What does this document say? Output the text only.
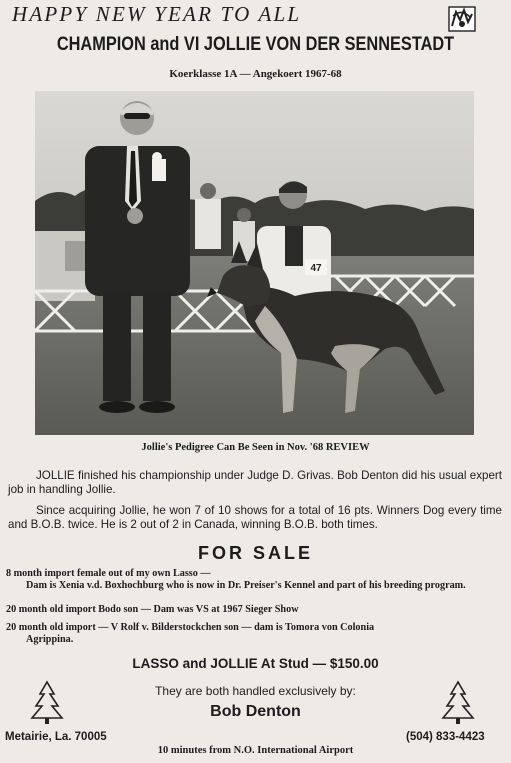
HAPPY NEW YEAR TO ALL
CHAMPION and VI JOLLIE VON DER SENNESTADT
Koerklasse 1A — Angekoert 1967-68
47
Jollie's Pedigree Can Be Seen in Nov. '68 REVIEW

JOLLIE finished his championship under Judge D. Grivas. Bob Denton did his usual expert job in handling Jollie.

Since acquiring Jollie, he won 7 of 10 shows for a total of 16 pts. Winners Dog every time and B.O.B. twice. He is 2 out of 2 in Canada, winning B.O.B. both times.

FOR SALE
8 month import female out of my own Lasso —
Dam is Xenia v.d. Boxhochburg who is now in Dr. Preiser's Kennel and part of his breeding program.
20 month old import Bodo son — Dam was VS at 1967 Sieger Show
20 month old import — V Rolf v. Bilderstockchen son — dam is Tomora von Colonia
Agrippina.
LASSO and JOLLIE At Stud — $150.00
They are both handled exclusively by:
Bob Denton
Metairie, La. 70005	(504) 833-4423
10 minutes from N.O. International Airport
